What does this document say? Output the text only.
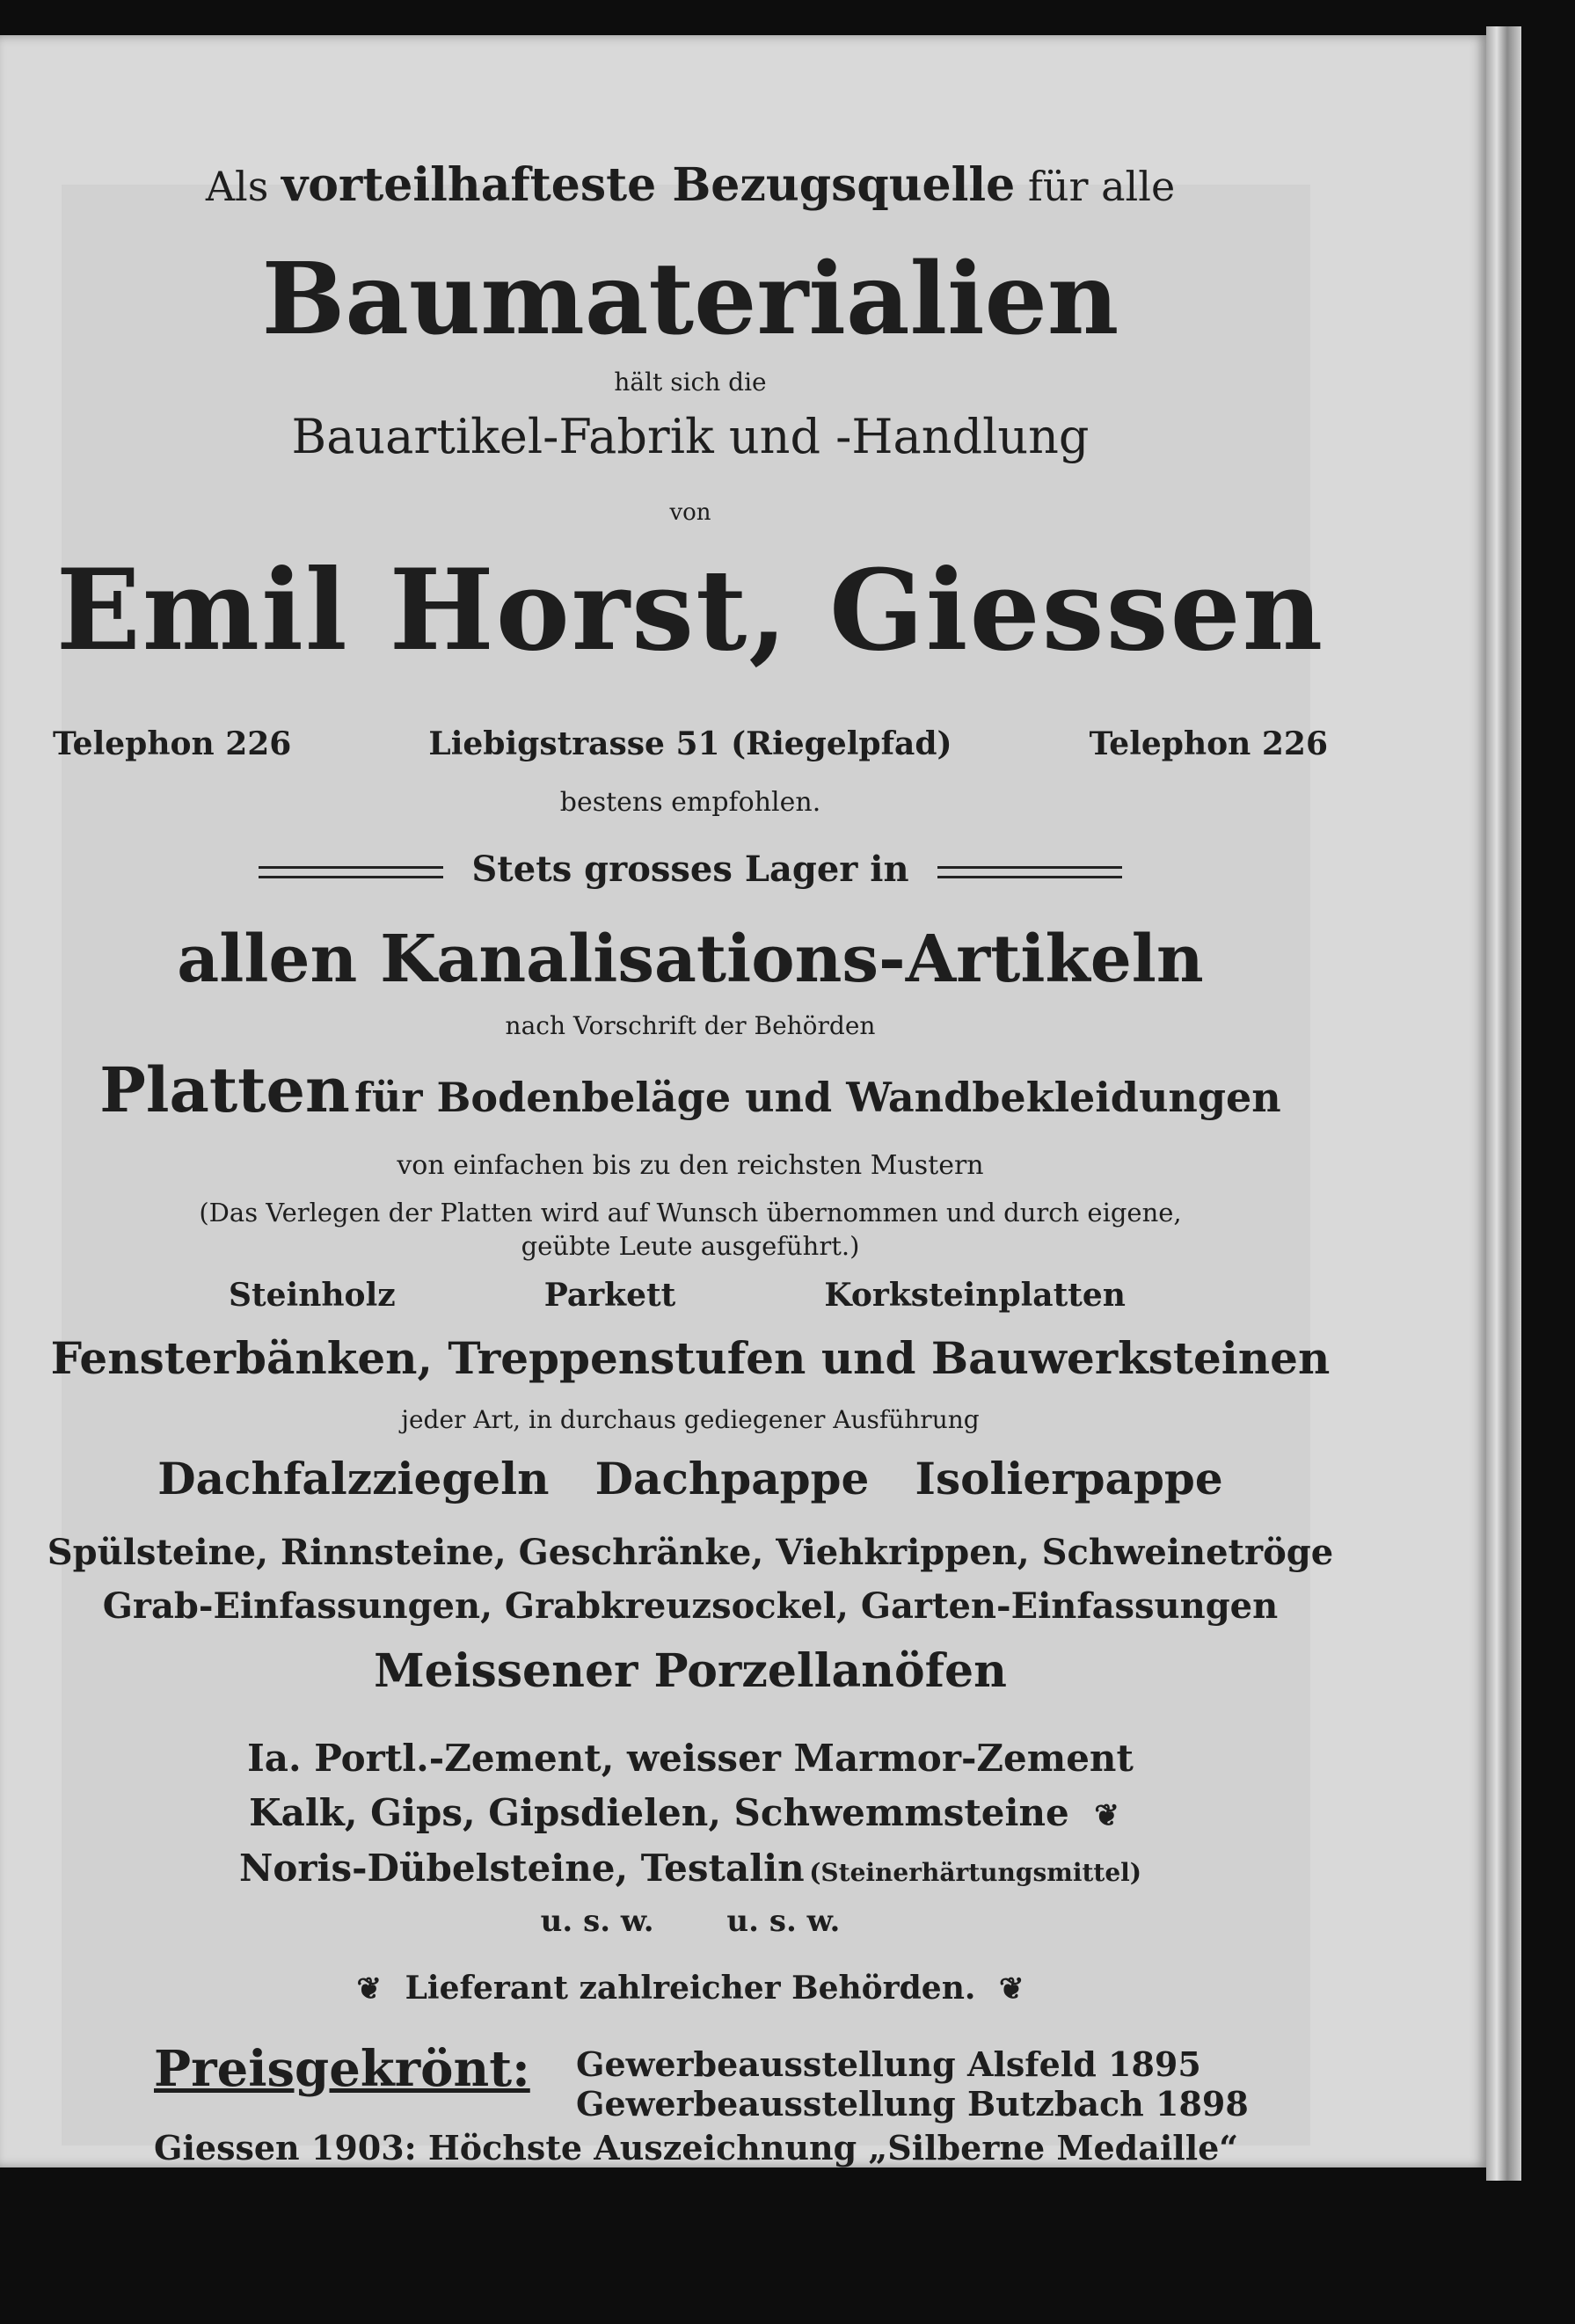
Als vorteilhafteste Bezugsquelle für alle
Baumaterialien
hält sich die
Bauartikel-Fabrik und -Handlung
von
Emil Horst, Giessen
Telephon 226	Liebigstrasse 51 (Riegelpfad)	Telephon 226
bestens empfohlen.
Stets grosses Lager in
allen Kanalisations-Artikeln
nach Vorschrift der Behörden
Platten für Bodenbeläge und Wandbekleidungen
von einfachen bis zu den reichsten Mustern
(Das Verlegen der Platten wird auf Wunsch übernommen und durch eigene,
geübte Leute ausgeführt.)
Steinholz	Parkett	Korksteinplatten
Fensterbänken, Treppenstufen und Bauwerksteinen
jeder Art, in durchaus gediegener Ausführung
Dachfalzziegeln   Dachpappe   Isolierpappe
Spülsteine, Rinnsteine, Geschränke, Viehkrippen, Schweinetröge
Grab-Einfassungen, Grabkreuzsockel, Garten-Einfassungen
Meissener Porzellanöfen
Ia. Portl.-Zement, weisser Marmor-Zement
Kalk, Gips, Gipsdielen, Schwemmsteine ❦
Noris-Dübelsteine, Testalin (Steinerhärtungsmittel)
u. s. w.       u. s. w.
❦ Lieferant zahlreicher Behörden. ❦
Preisgekrönt: Gewerbeausstellung Alsfeld 1895
Gewerbeausstellung Butzbach 1898
Giessen 1903: Höchste Auszeichnung „Silberne Medaille“
